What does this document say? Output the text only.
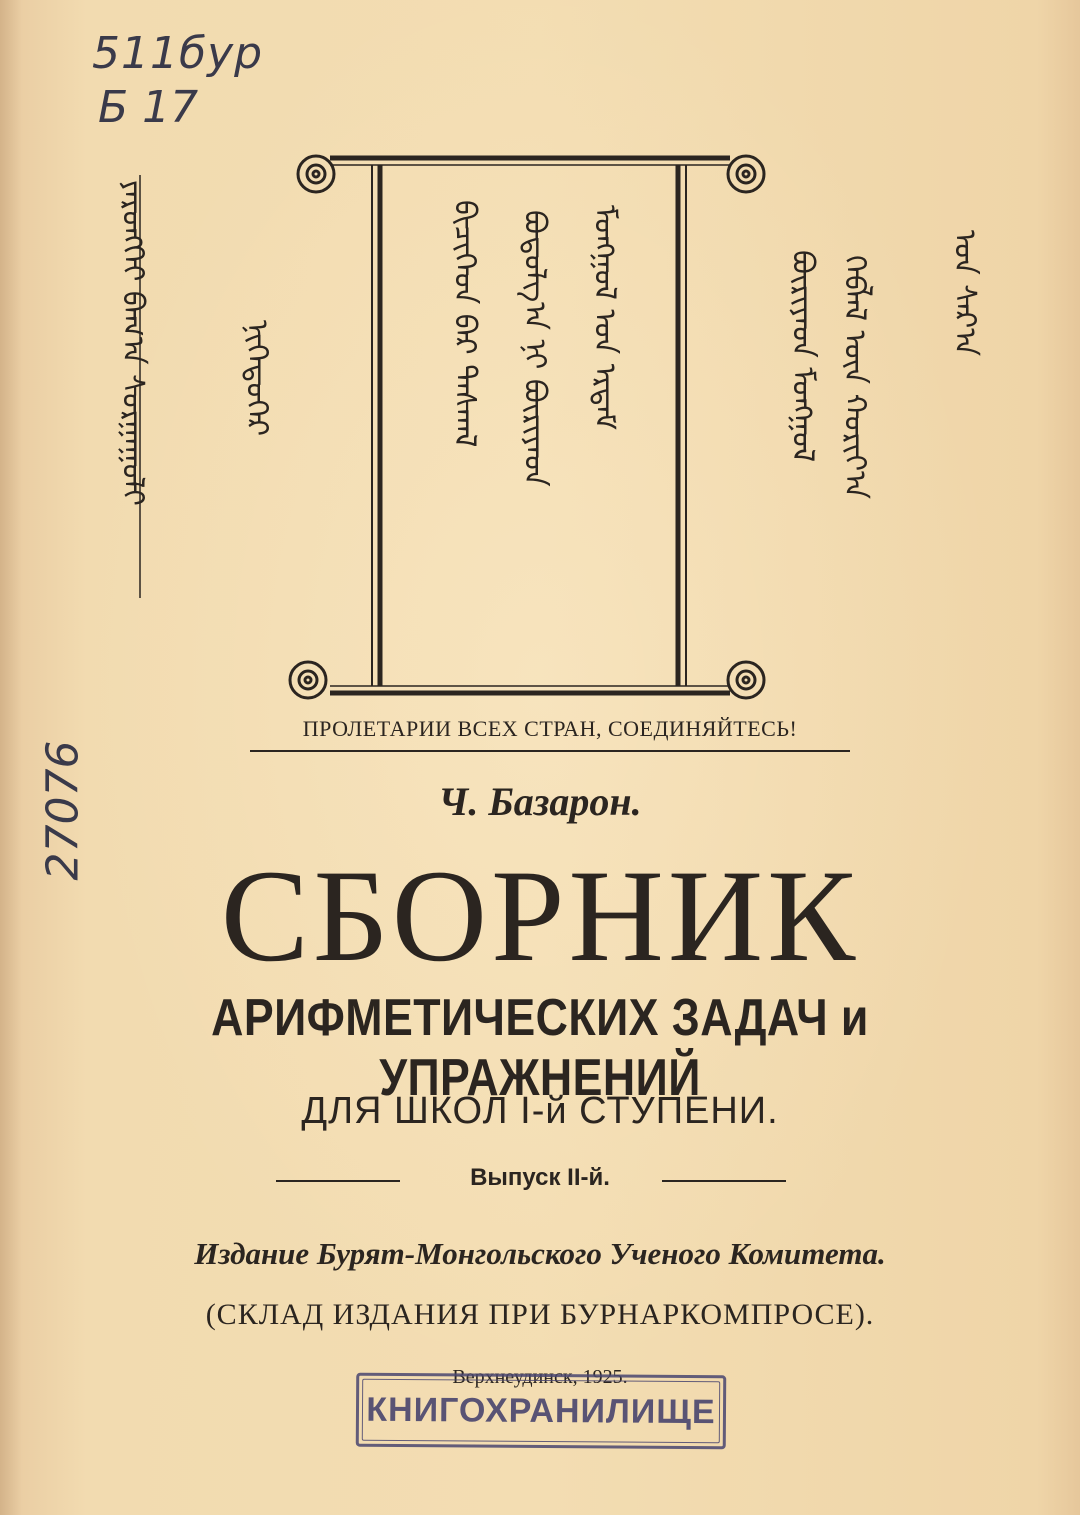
511бур
Б 17
27076
ᠶᠡᠷᠦᠩᠬᠡᠢ ᠪᠠᠭ᠎ᠠ ᠰᠤᠷᠭᠠᠭᠤᠯᠢ	ᠨᠢᠭᠡᠳᠦᠭᠡᠷ	ᠪᠢᠴᠢᠭᠡᠳ ᠪᠠᠷ ᠳᠠᠰᠬᠠᠯ	ᠪᠤᠳᠤᠯᠭ᠎ᠠ ᠨᠢ ᠪᠦᠷᠢᠶᠠᠳ	ᠮᠣᠩᠭᠣᠯ ᠤᠨ ᠡᠷᠳᠡᠮ	ᠪᠦᠷᠢᠶᠠᠳ ᠮᠣᠩᠭᠣᠯ ᠬᠡᠪᠯᠡᠯ ᠦᠨ ᠬᠣᠷᠢᠶ᠎ᠠ	ᠣᠨ ᠰᠠᠷ᠎ᠠ
ПРОЛЕТАРИИ ВСЕХ СТРАН, СОЕДИНЯЙТЕСЬ!
Ч. Базарон.
СБОРНИК
АРИФМЕТИЧЕСКИХ ЗАДАЧ и УПРАЖНЕНИЙ
ДЛЯ ШКОЛ I-й СТУПЕНИ.
Выпуск II-й.
Издание Бурят-Монгольского Ученого Комитета.
(СКЛАД ИЗДАНИЯ ПРИ БУРНАРКОМПРОСЕ).
Верхнеудинск, 1925.
КНИГОХРАНИЛИЩЕ
